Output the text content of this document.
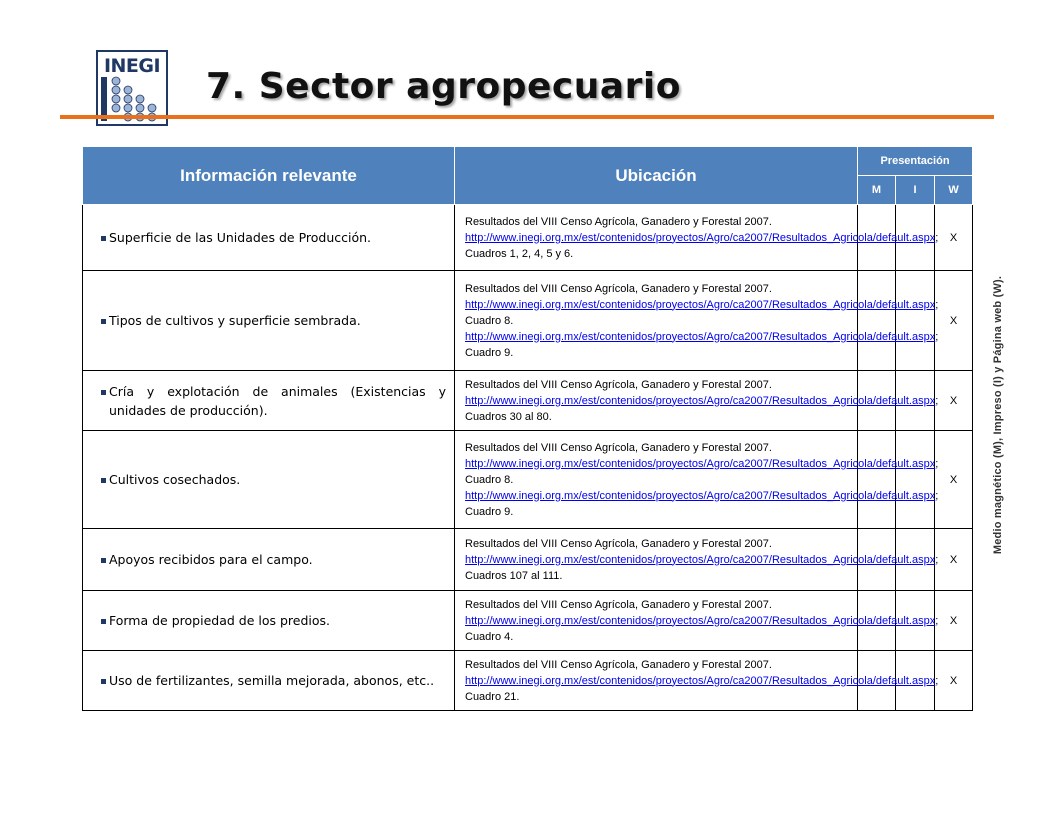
INEGI 7. Sector agropecuario
Medio magnético (M), Impreso (I) y Página web (W).
Información relevante	Ubicación	Presentación		
		M	I	W
Superficie de las Unidades de Producción.	Resultados del VIII Censo Agrícola, Ganadero y Forestal 2007.
http://www.inegi.org.mx/est/contenidos/proyectos/Agro/ca2007/Resultados_Agricola/default.aspx; Cuadros 1, 2, 4, 5 y 6.			X
Tipos de cultivos y superficie sembrada.	Resultados del VIII Censo Agrícola, Ganadero y Forestal 2007.
http://www.inegi.org.mx/est/contenidos/proyectos/Agro/ca2007/Resultados_Agricola/default.aspx; Cuadro 8.
http://www.inegi.org.mx/est/contenidos/proyectos/Agro/ca2007/Resultados_Agricola/default.aspx; Cuadro 9.			X

Cría y explotación de animales (Existencias y unidades de producción).	Resultados del VIII Censo Agrícola, Ganadero y Forestal 2007.
http://www.inegi.org.mx/est/contenidos/proyectos/Agro/ca2007/Resultados_Agricola/default.aspx; Cuadros 30 al 80.			X
Cultivos cosechados.	Resultados del VIII Censo Agrícola, Ganadero y Forestal 2007.
http://www.inegi.org.mx/est/contenidos/proyectos/Agro/ca2007/Resultados_Agricola/default.aspx; Cuadro 8.
http://www.inegi.org.mx/est/contenidos/proyectos/Agro/ca2007/Resultados_Agricola/default.aspx; Cuadro 9.			X
Apoyos recibidos para el campo.	Resultados del VIII Censo Agrícola, Ganadero y Forestal 2007.
http://www.inegi.org.mx/est/contenidos/proyectos/Agro/ca2007/Resultados_Agricola/default.aspx; Cuadros 107 al 111.			X
Forma de propiedad de los predios.	Resultados del VIII Censo Agrícola, Ganadero y Forestal 2007.
http://www.inegi.org.mx/est/contenidos/proyectos/Agro/ca2007/Resultados_Agricola/default.aspx; Cuadro 4.			X

Uso de fertilizantes, semilla mejorada, abonos, etc..	Resultados del VIII Censo Agrícola, Ganadero y Forestal 2007.
http://www.inegi.org.mx/est/contenidos/proyectos/Agro/ca2007/Resultados_Agricola/default.aspx; Cuadro 21.			X
